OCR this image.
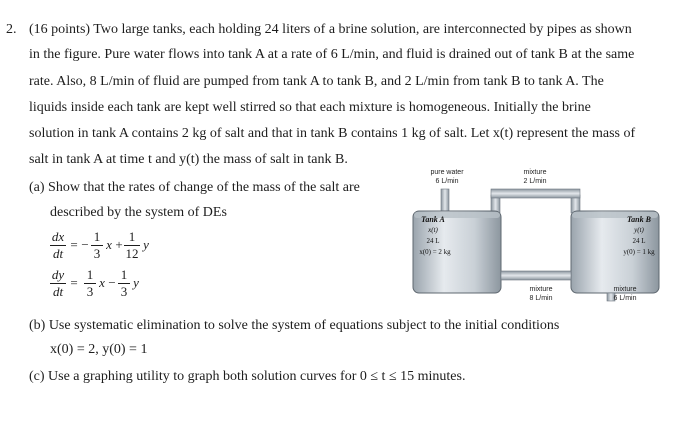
2. (16 points) Two large tanks, each holding 24 liters of a brine solution, are interconnected by pipes as shown
in the figure. Pure water flows into tank A at a rate of 6 L/min, and fluid is drained out of tank B at the same
rate. Also, 8 L/min of fluid are pumped from tank A to tank B, and 2 L/min from tank B to tank A. The
liquids inside each tank are kept well stirred so that each mixture is homogeneous. Initially the brine
solution in tank A contains 2 kg of salt and that in tank B contains 1 kg of salt. Let x(t) represent the mass of
salt in tank A at time t and y(t) the mass of salt in tank B.
(a) Show that the rates of change of the mass of the salt are
described by the system of DEs
dx
dt
= −
1
3
x +
1
12
y
dy
dt
=
1
3
x −
1
3
y
(b) Use systematic elimination to solve the system of equations subject to the initial conditions
x(0) = 2, y(0) = 1
(c) Use a graphing utility to graph both solution curves for 0 ≤ t ≤ 15 minutes.
pure water
6 L/min
mixture
2 L/min
Tank A
x(t)
24 L
x(0) = 2 kg
Tank B
y(t)
24 L
y(0) = 1 kg
mixture
8 L/min
mixture
6 L/min
